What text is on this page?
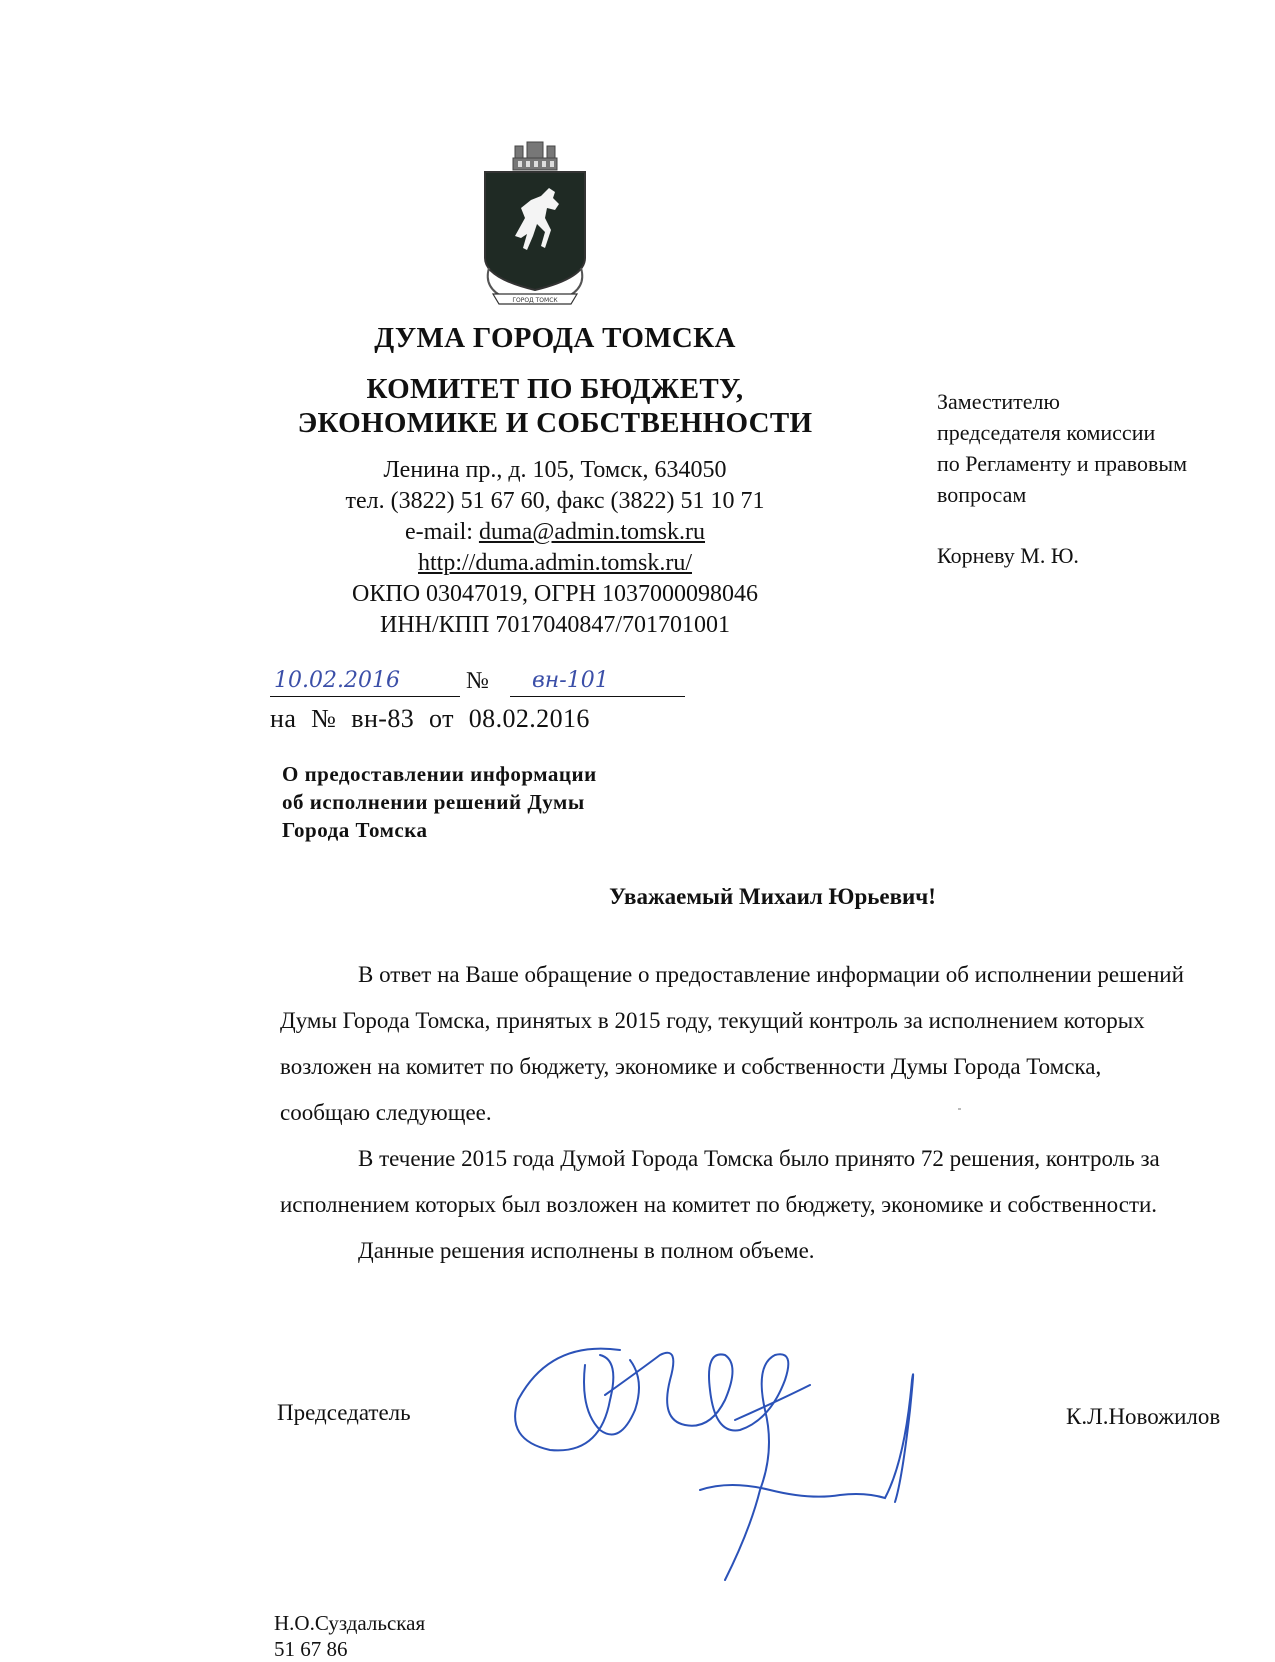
ГОРОД ТОМСК
ДУМА ГОРОДА ТОМСКА
КОМИТЕТ ПО БЮДЖЕТУ,
ЭКОНОМИКЕ И СОБСТВЕННОСТИ
Ленина пр., д. 105, Томск, 634050
тел. (3822) 51 67 60, факс (3822) 51 10 71
e-mail: duma@admin.tomsk.ru
http://duma.admin.tomsk.ru/
ОКПО 03047019, ОГРН 1037000098046
ИНН/КПП 7017040847/701701001
Заместителю
председателя комиссии
по Регламенту и правовым
вопросам
Корневу М. Ю.
10.02.2016	№ вн-101
на № вн-83 от 08.02.2016
О предоставлении информации
об исполнении решений Думы
Города Томска
Уважаемый Михаил Юрьевич!

В ответ на Ваше обращение о предоставление информации об исполнении решений

Думы Города Томска, принятых в 2015 году, текущий контроль за исполнением которых

возложен на комитет по бюджету, экономике и собственности Думы Города Томска,

сообщаю следующее.

В течение 2015 года Думой Города Томска было принято 72 решения, контроль за

исполнением которых был возложен на комитет по бюджету, экономике и собственности.

Данные решения исполнены в полном объеме.

Председатель	К.Л.Новожилов
Н.О.Суздальская
51 67 86
